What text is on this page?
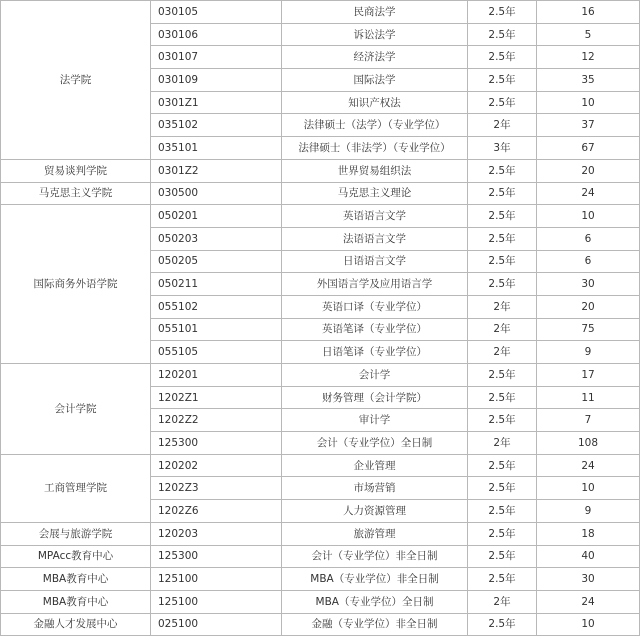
法学院	030105	民商法学	2.5年	16
	030106	诉讼法学	2.5年	5
	030107	经济法学	2.5年	12
	030109	国际法学	2.5年	35
	0301Z1	知识产权法	2.5年	10
	035102	法律硕士（法学）（专业学位）	2年	37
	035101	法律硕士（非法学）（专业学位）	3年	67
贸易谈判学院	0301Z2	世界贸易组织法	2.5年	20
马克思主义学院	030500	马克思主义理论	2.5年	24
国际商务外语学院	050201	英语语言文学	2.5年	10
	050203	法语语言文学	2.5年	6
	050205	日语语言文学	2.5年	6
	050211	外国语言学及应用语言学	2.5年	30
	055102	英语口译（专业学位）	2年	20
	055101	英语笔译（专业学位）	2年	75
	055105	日语笔译（专业学位）	2年	9
会计学院	120201	会计学	2.5年	17
	1202Z1	财务管理（会计学院）	2.5年	11
	1202Z2	审计学	2.5年	7
	125300	会计（专业学位）全日制	2年	108
工商管理学院	120202	企业管理	2.5年	24
	1202Z3	市场营销	2.5年	10
	1202Z6	人力资源管理	2.5年	9
会展与旅游学院	120203	旅游管理	2.5年	18
MPAcc教育中心	125300	会计（专业学位）非全日制	2.5年	40
MBA教育中心	125100	MBA（专业学位）非全日制	2.5年	30
MBA教育中心	125100	MBA（专业学位）全日制	2年	24
金融人才发展中心	025100	金融（专业学位）非全日制	2.5年	10
